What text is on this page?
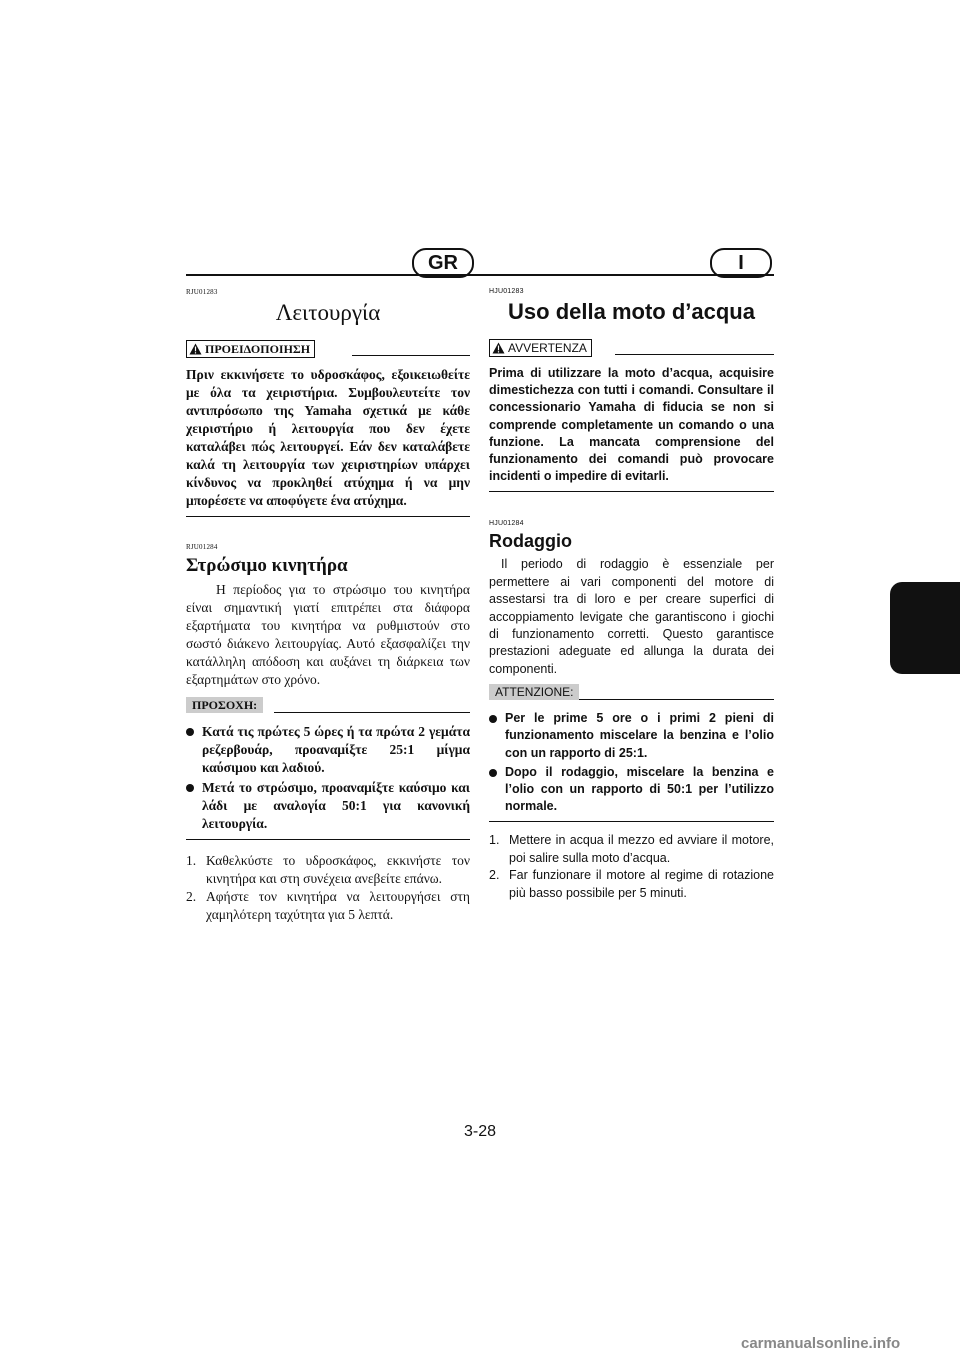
GR	I
RJU01283
Λειτουργία
ΠΡΟΕΙΔΟΠΟΙΗΣΗ

Πριν εκκινήσετε το υδροσκάφος, εξοικειωθείτε με όλα τα χειριστήρια. Συμβουλευτείτε τον αντιπρόσωπο της Yamaha σχετικά με κάθε χειριστήριο ή λειτουργία που δεν έχετε καταλάβει πώς λειτουργεί. Εάν δεν καταλάβετε καλά τη λειτουργία των χειριστηρίων υπάρχει κίνδυνος να προκληθεί ατύχημα ή να μην μπορέσετε να αποφύγετε ένα ατύχημα.

RJU01284
Στρώσιμο κινητήρα

Η περίοδος για το στρώσιμο του κινητήρα είναι σημαντική γιατί επιτρέπει στα διάφορα εξαρτήματα του κινητήρα να ρυθμιστούν στο σωστό διάκενο λειτουργίας. Αυτό εξασφαλίζει την κατάλληλη απόδοση και αυξάνει τη διάρκεια των εξαρτημάτων στο χρόνο.

ΠΡΟΣΟΧΗ:
Κατά τις πρώτες 5 ώρες ή τα πρώτα 2 γεμάτα ρεζερβουάρ, προαναμίξτε 25:1 μίγμα καύσιμου και λαδιού.
Μετά το στρώσιμο, προαναμίξτε καύσιμο και λάδι με αναλογία 50:1 για κανονική λειτουργία.
1. Καθελκύστε το υδροσκάφος, εκκινήστε τον κινητήρα και στη συνέχεια ανεβείτε επάνω.
2. Αφήστε τον κινητήρα να λειτουργήσει στη χαμηλότερη ταχύτητα για 5 λεπτά.
HJU01283
Uso della moto d’acqua
AVVERTENZA

Prima di utilizzare la moto d’acqua, acquisire dimestichezza con tutti i comandi. Consultare il concessionario Yamaha di fiducia se non si comprende completamente un comando o una funzione. La mancata comprensione del funzionamento dei comandi può provocare incidenti o impedire di evitarli.

HJU01284
Rodaggio

Il periodo di rodaggio è essenziale per permettere ai vari componenti del motore di assestarsi tra di loro e per creare superfici di accoppiamento levigate che garantiscono i giochi di funzionamento corretti. Questo garantisce prestazioni adeguate ed allunga la durata dei componenti.

ATTENZIONE:
Per le prime 5 ore o i primi 2 pieni di funzionamento miscelare la benzina e l’olio con un rapporto di 25:1.
Dopo il rodaggio, miscelare la benzina e l’olio con un rapporto di 50:1 per l’utilizzo normale.
1. Mettere in acqua il mezzo ed avviare il motore, poi salire sulla moto d’acqua.
2. Far funzionare il motore al regime di rotazione più basso possibile per 5 minuti.
3-28
carmanualsonline.info
